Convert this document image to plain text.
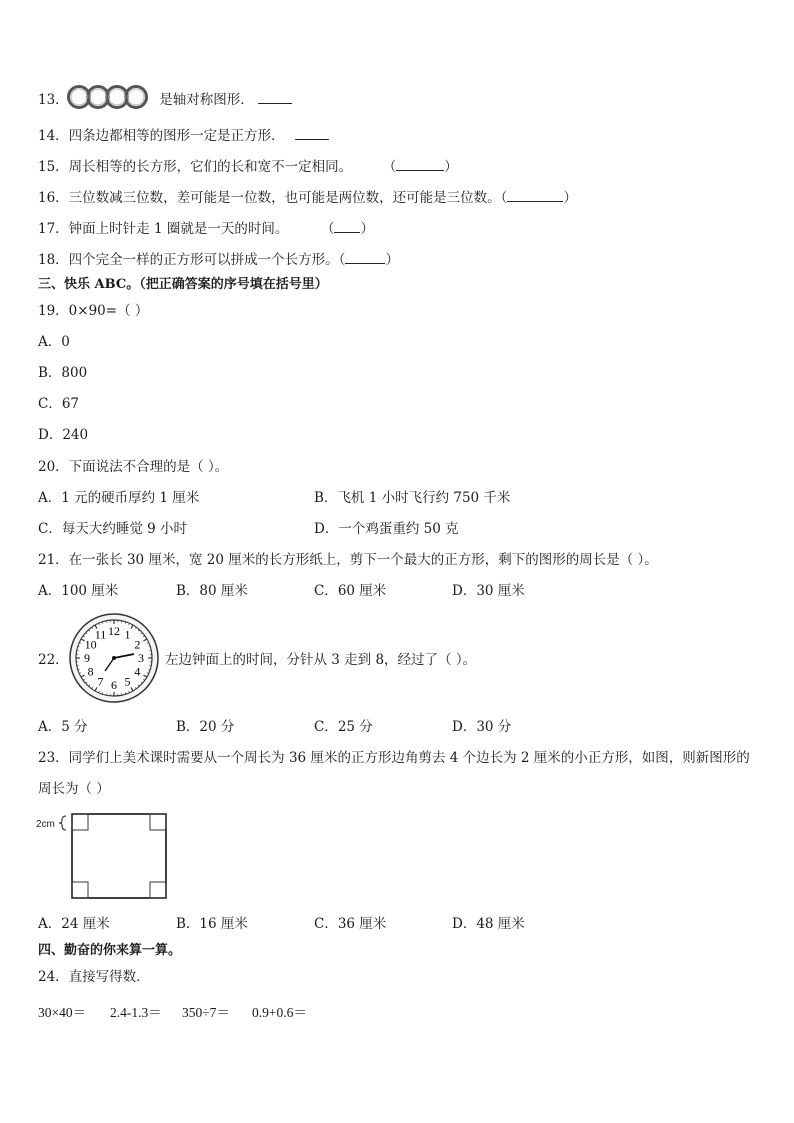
13．	是轴对称图形．
14．四条边都相等的图形一定是正方形．
15．周长相等的长方形，它们的长和宽不一定相同。 （	）
16．三位数减三位数，差可能是一位数，也可能是两位数，还可能是三位数。（	）
17．钟面上时针走 1 圈就是一天的时间。 （ ）
18．四个完全一样的正方形可以拼成一个长方形。（	）
三、快乐 ABC。（把正确答案的序号填在括号里）
19．0×90=（ ）
A．0
B．800
C．67
D．240
20．下面说法不合理的是（ ）。
A．1 元的硬币厚约 1 厘米	B．飞机 1 小时飞行约 750 千米
C．每天大约睡觉 9 小时	D．一个鸡蛋重约 50 克
21．在一张长 30 厘米，宽 20 厘米的长方形纸上，剪下一个最大的正方形，剩下的图形的周长是（ ）。
A．100 厘米	B．80 厘米	C．60 厘米	D．30 厘米
22．
12 1
2
3
4
5
6
7
8
9
10
11
左边钟面上的时间，分针从 3 走到 8，经过了（ ）。
A．5 分	B．20 分	C．25 分	D．30 分
23．同学们上美术课时需要从一个周长为 36 厘米的正方形边角剪去 4 个边长为 2 厘米的小正方形，如图，则新图形的
周长为（ ）
2cm
A．24 厘米	B．16 厘米	C．36 厘米	D．48 厘米
四、勤奋的你来算一算。
24．直接写得数．
30×40＝ 2.4-1.3＝ 350÷7＝ 0.9+0.6＝
